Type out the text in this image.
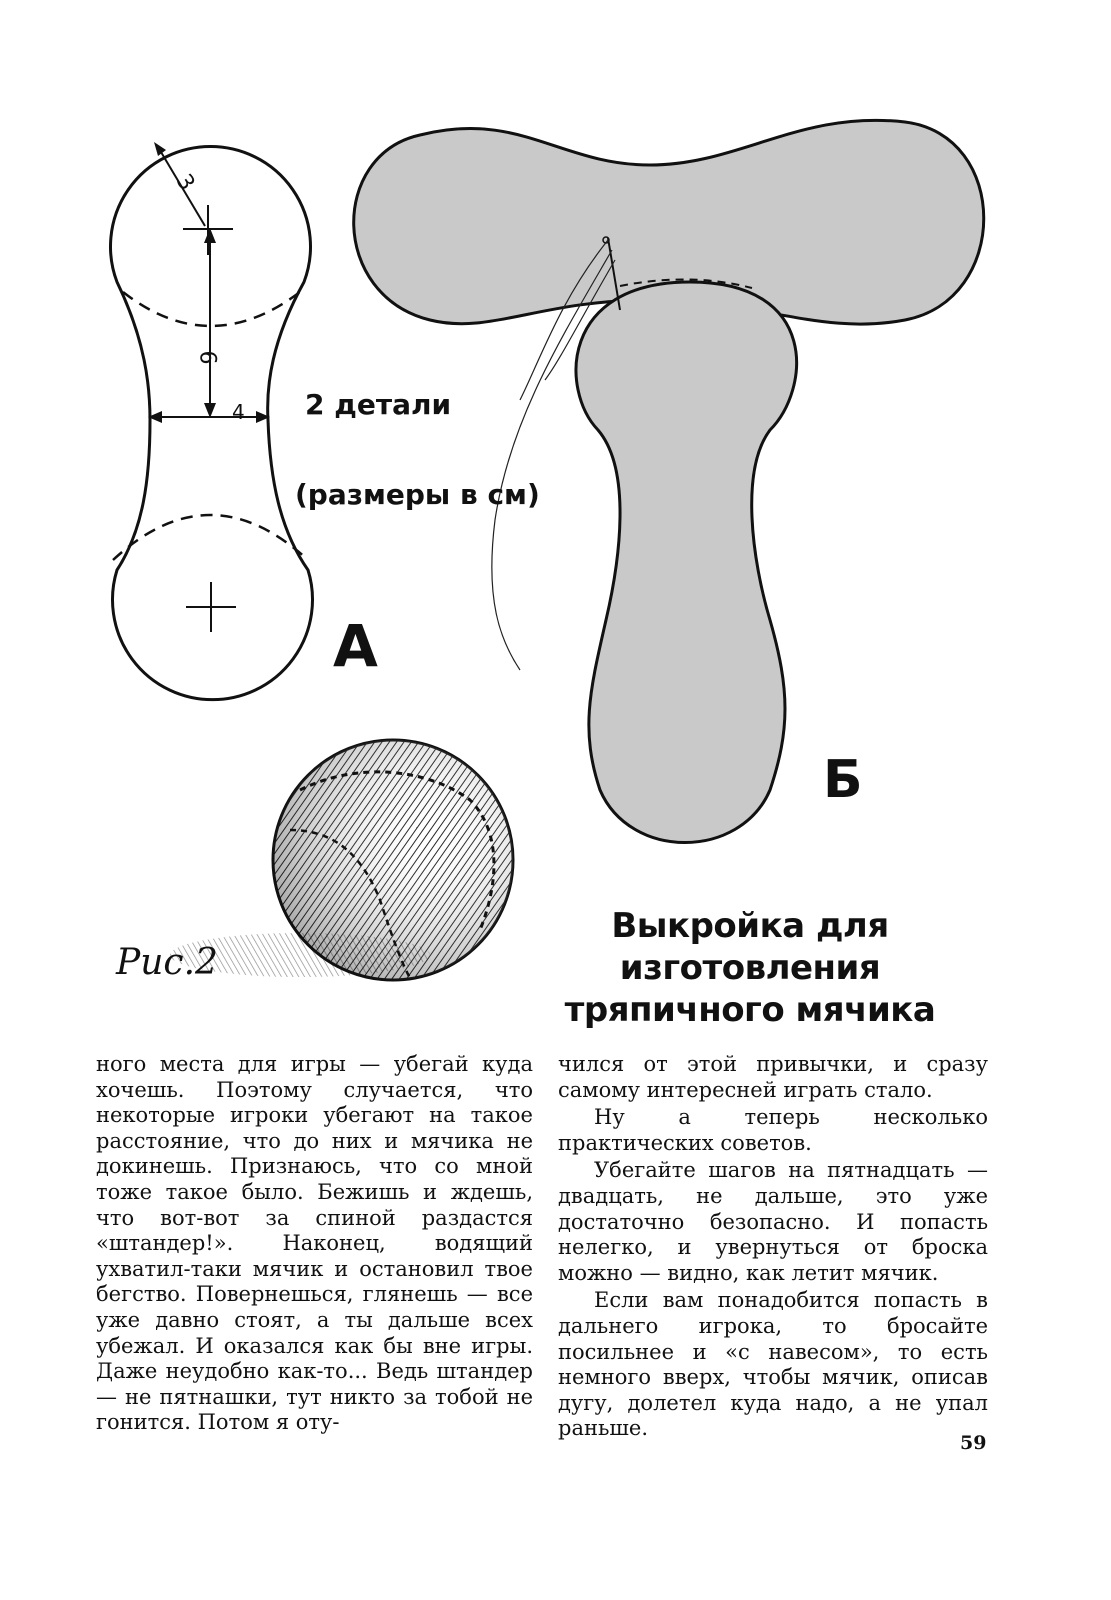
2 детали
(размеры в см)
А
Б
Рис.2
3
6
4
Выкройка для изготовления
тряпичного мячика

ного места для игры — убегай куда хочешь. Поэтому случается, что некоторые игроки убегают на такое расстояние, что до них и мячика не докинешь. Признаюсь, что со мной тоже такое было. Бежишь и ждешь, что вот-вот за спиной раздастся «штандер!». Наконец, водящий ухватил-таки мячик и остановил твое бегство. Повернешься, глянешь — все уже давно стоят, а ты дальше всех убежал. И оказался как бы вне игры. Даже неудобно как-то... Ведь штандер — не пятнашки, тут никто за тобой не гонится. Потом я оту-

чился от этой привычки, и сразу самому интересней играть стало.

Ну а теперь несколько практических советов.

Убегайте шагов на пятнадцать — двадцать, не дальше, это уже достаточно безопасно. И попасть нелегко, и увернуться от броска можно — видно, как летит мячик.

Если вам понадобится попасть в дальнего игрока, то бросайте посильнее и «с навесом», то есть немного вверх, чтобы мячик, описав дугу, долетел куда надо, а не упал раньше.

59
